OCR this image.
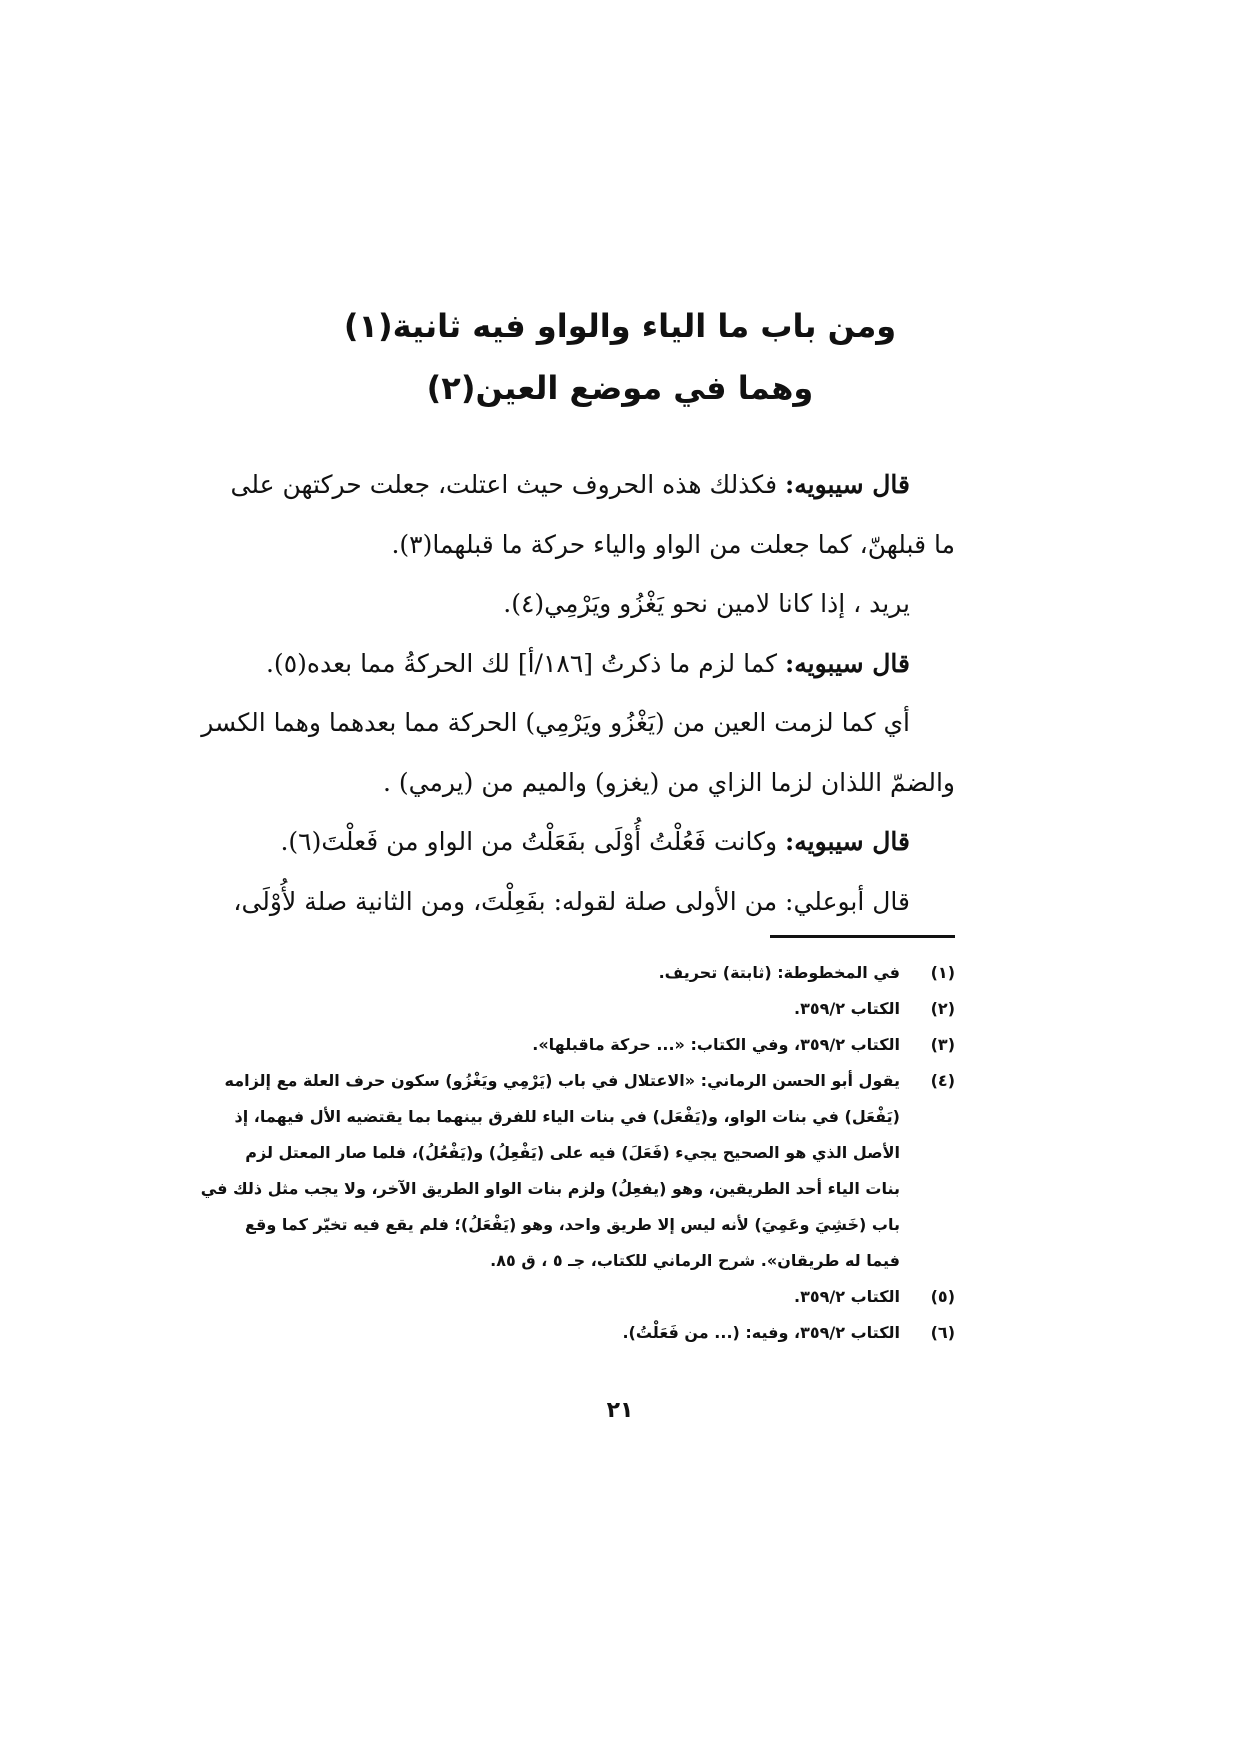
ومن باب ما الياء والواو فيه ثانية(١)
وهما في موضع العين(٢)
قال سيبويه: فكذلك هذه الحروف حيث اعتلت، جعلت حركتهن على
ما قبلهنّ، كما جعلت من الواو والياء حركة ما قبلهما(٣).
يريد ، إذا كانا لامين نحو يَغْزُو ويَرْمِي(٤).
قال سيبويه: كما لزم ما ذكرتُ [١٨٦/أ] لك الحركةُ مما بعده(٥).
أي كما لزمت العين من (يَغْزُو ويَرْمِي) الحركة مما بعدهما وهما الكسر
والضمّ اللذان لزما الزاي من (يغزو) والميم من (يرمي) .
قال سيبويه: وكانت فَعُلْتُ أُوْلَى بفَعَلْتُ من الواو من فَعلْتَ(٦).
قال أبوعلي: من الأولى صلة لقوله: بفَعِلْتَ، ومن الثانية صلة لأُوْلَى،
(١)
في المخطوطة: (ثابتة) تحريف.
(٢)
الكتاب ٣٥٩/٢.
(٣)
الكتاب ٣٥٩/٢، وفي الكتاب: «... حركة ماقبلها».
(٤)
يقول أبو الحسن الرماني: «الاعتلال في باب (يَرْمِي ويَغْزُو) سكون حرف العلة مع إلزامه
(يَفْعَل) في بنات الواو، و(يَفْعَل) في بنات الياء للفرق بينهما بما يقتضيه الأل فيهما، إذ
الأصل الذي هو الصحيح يجيء (فَعَلَ) فيه على (يَفْعِلُ) و(يَفْعُلُ)، فلما صار المعتل لزم
بنات الياء أحد الطريقين، وهو (يفعِلُ) ولزم بنات الواو الطريق الآخر، ولا يجب مثل ذلك في
باب (خَشِيَ وعَمِيَ) لأنه ليس إلا طريق واحد، وهو (يَفْعَلُ)؛ فلم يقع فيه تخيّر كما وقع
فيما له طريقان». شرح الرماني للكتاب، جـ ٥ ، ق ٨٥.
(٥)
الكتاب ٣٥٩/٢.
(٦)
الكتاب ٣٥٩/٢، وفيه: (... من فَعَلْتُ).
٢١
